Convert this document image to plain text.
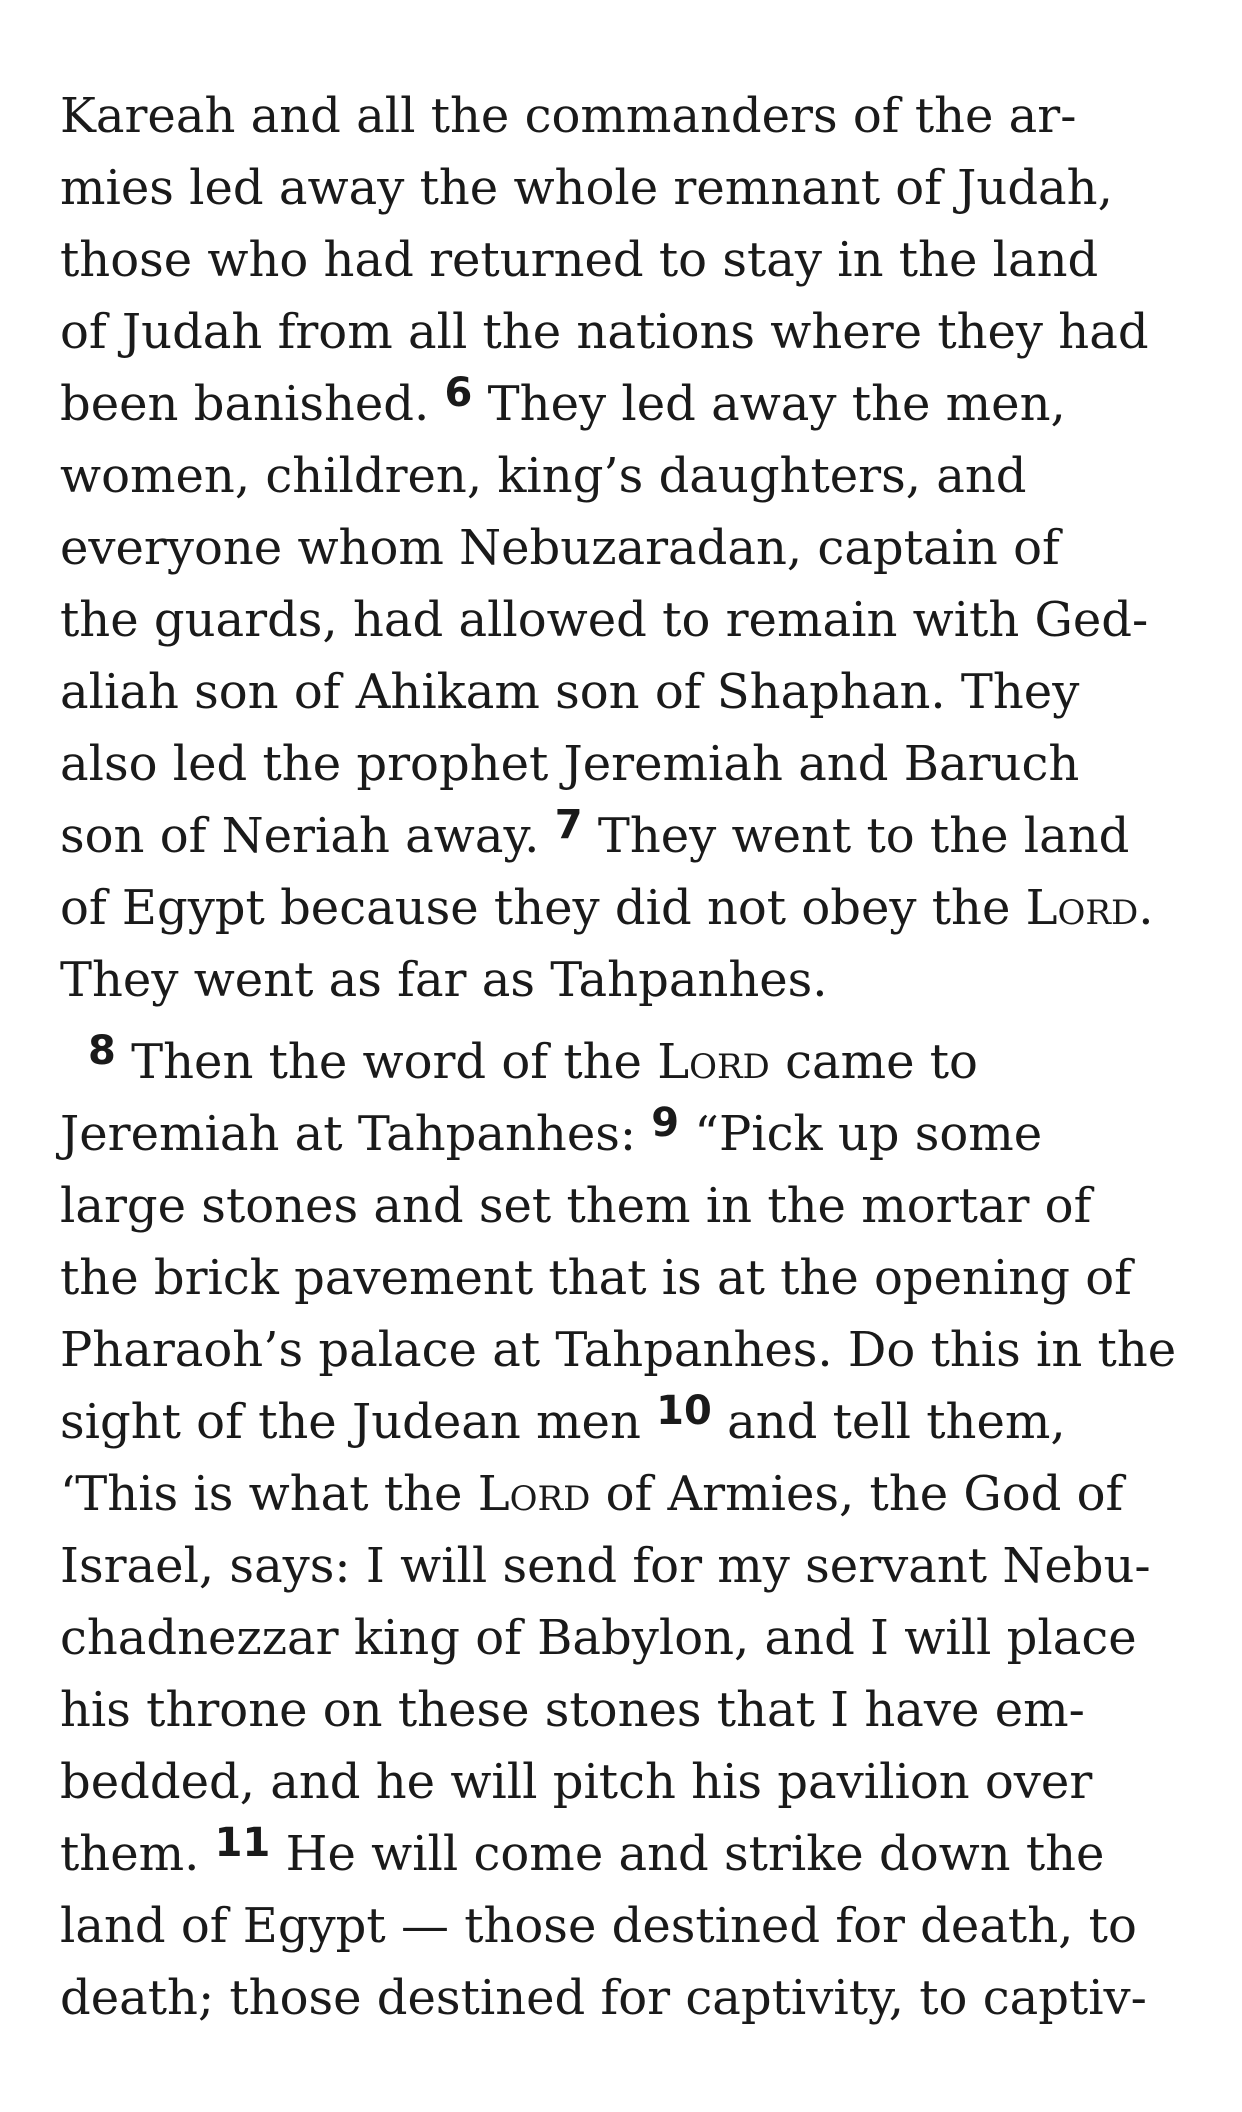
Kareah and all the commanders of the ar-
mies led away the whole remnant of Judah,
those who had returned to stay in the land
of Judah from all the nations where they had
been banished. $^6$ They led away the men,
women, children, king’s daughters, and
everyone whom Nebuzaradan, captain of
the guards, had allowed to remain with Ged-
aliah son of Ahikam son of Shaphan. They
also led the prophet Jeremiah and Baruch
son of Neriah away. $^7$ They went to the land
of Egypt because they did not obey the Lord.
They went as far as Tahpanhes.
$^8$ Then the word of the Lord came to
Jeremiah at Tahpanhes: $^9$ “Pick up some
large stones and set them in the mortar of
the brick pavement that is at the opening of
Pharaoh’s palace at Tahpanhes. Do this in the
sight of the Judean men $^{10}$ and tell them,
‘This is what the Lord of Armies, the God of
Israel, says: I will send for my servant Nebu-
chadnezzar king of Babylon, and I will place
his throne on these stones that I have em-
bedded, and he will pitch his pavilion over
them. $^{11}$ He will come and strike down the
land of Egypt — those destined for death, to
death; those destined for captivity, to captiv-
